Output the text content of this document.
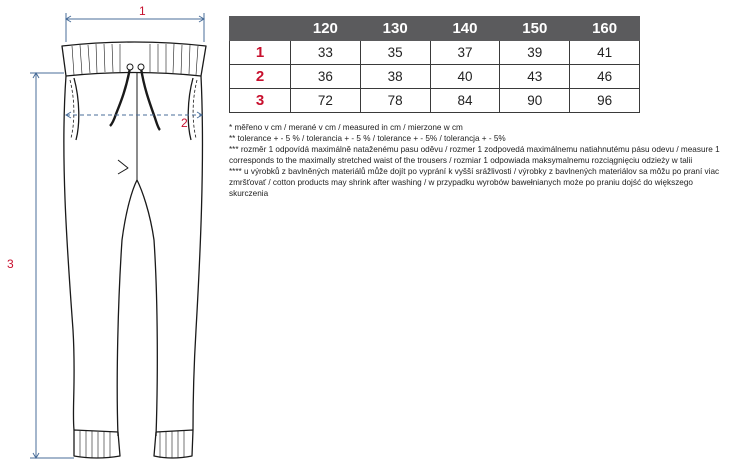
1
2
3
	120	130	140	150	160
1	33	35	37	39	41
2	36	38	40	43	46
3	72	78	84	90	96

* měřeno v cm / merané v cm / measured in cm / mierzone w cm

** tolerance + - 5 % / tolerancia + - 5 % / tolerance + - 5% / tolerancja + - 5%

*** rozměr 1 odpovídá maximálně nataženému pasu oděvu / rozmer 1 zodpovedá maximálnemu natiahnutému pásu odevu / measure 1 corresponds to the maximally stretched waist of the trousers / rozmiar 1 odpowiada maksymalnemu rozciągnięciu odzieży w talii

**** u výrobků z bavlněných materiálů může dojít po vyprání k vyšší srážlivosti / výrobky z bavlnených materiálov sa môžu po praní viac zmršťovať / cotton products may shrink after washing / w przypadku wyrobów bawełnianych może po praniu dojść do większego skurczenia
